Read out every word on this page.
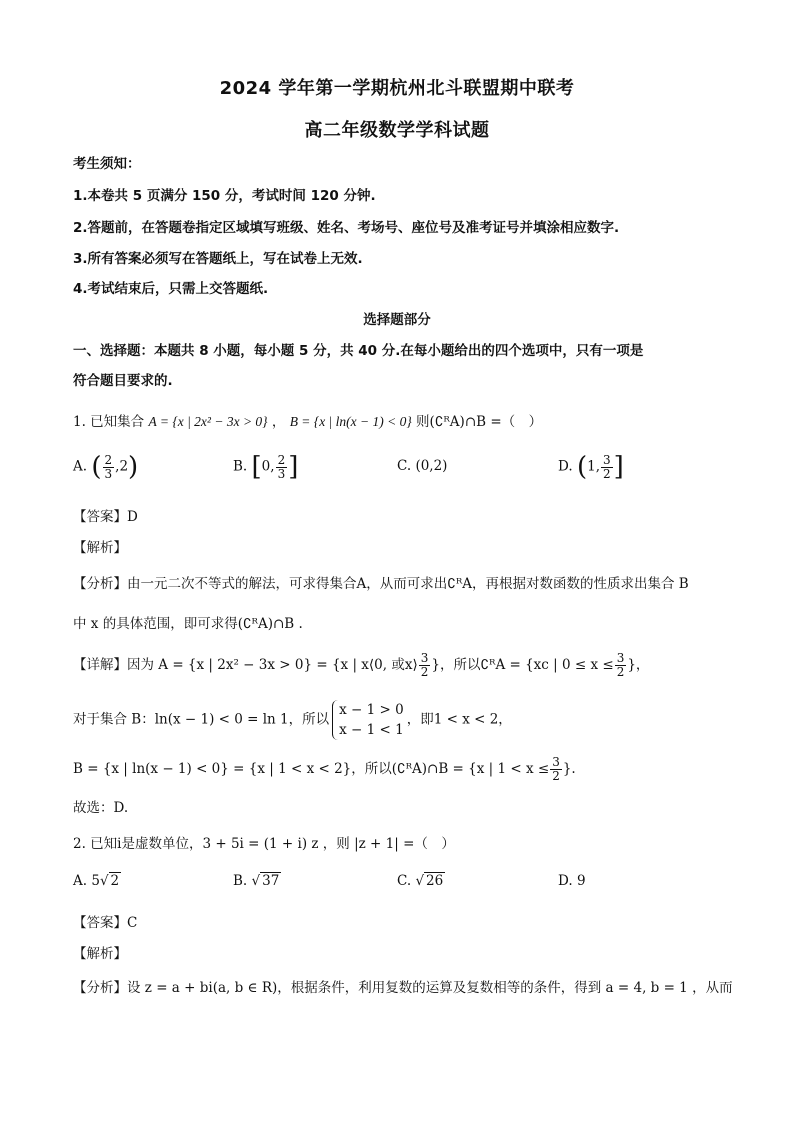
2024 学年第一学期杭州北斗联盟期中联考
高二年级数学学科试题
考生须知：
1.本卷共 5 页满分 150 分，考试时间 120 分钟.
2.答题前，在答题卷指定区域填写班级、姓名、考场号、座位号及准考证号并填涂相应数字.
3.所有答案必须写在答题纸上，写在试卷上无效.
4.考试结束后，只需上交答题纸.
选择题部分
一、选择题：本题共 8 小题，每小题 5 分，共 40 分.在每小题给出的四个选项中，只有一项是
符合题目要求的.
1. 已知集合 A = {x | 2x² − 3x > 0} ， B = {x | ln(x − 1) < 0} 则(∁ᴿA)∩B =（　）
A. ( $\frac{2}{3} ,2$)	B. [0, $\frac{2}{3}$ ]	C. (0,2)	D. (1, $\frac{3}{2}$ ]
【答案】D
【解析】
【分析】由一元二次不等式的解法，可求得集合A，从而可求出∁ᴿA，再根据对数函数的性质求出集合 B
中 x 的具体范围，即可求得(∁ᴿA)∩B .
【详解】因为 A = {x | 2x² − 3x > 0} = {x | x⟨0, 或x⟩ $\frac{3}{2}$ }，所以∁ᴿA = {xc | $0 \le x \le \frac{3}{2}$ }，
对于集合 B：ln(x − 1) < 0 = ln 1，所以
x − 1 > 0
x − 1 < 1
，即1 < x < 2，
B = {x | ln(x − 1) < 0} = {x | 1 < x < 2}，所以(∁ᴿA)∩B = {x | $1 < x \le \frac{3}{2}$ }.
故选：D.
2. 已知i是虚数单位，3 + 5i = (1 + i) z ，则 |z + 1| =（　）
A. 5√ 2	B. √ 37	C. √ 26	D. 9
【答案】C
【解析】
【分析】设 z = a + bi(a, b ∈ R)，根据条件，利用复数的运算及复数相等的条件，得到 a = 4, b = 1 ，从而
